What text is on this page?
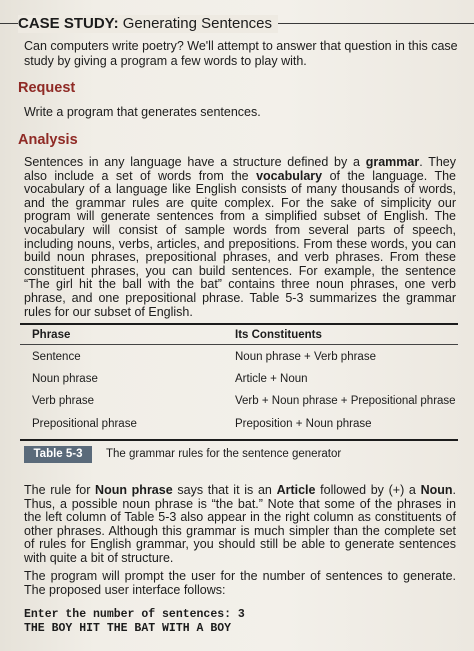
CASE STUDY: Generating Sentences
Can computers write poetry? We'll attempt to answer that question in this case study by giving a program a few words to play with.
Request
Write a program that generates sentences.
Analysis
Sentences in any language have a structure defined by a grammar. They also include a set of words from the vocabulary of the language. The vocabulary of a language like English consists of many thousands of words, and the grammar rules are quite complex. For the sake of simplicity our program will generate sentences from a simplified subset of English. The vocabulary will consist of sample words from several parts of speech, including nouns, verbs, articles, and prepositions. From these words, you can build noun phrases, prepositional phrases, and verb phrases. From these constituent phrases, you can build sentences. For example, the sentence “The girl hit the ball with the bat” contains three noun phrases, one verb phrase, and one prepositional phrase. Table 5-3 summarizes the grammar rules for our subset of English.
Phrase	Its Constituents
Sentence	Noun phrase + Verb phrase
Noun phrase	Article + Noun
Verb phrase	Verb + Noun phrase + Prepositional phrase
Prepositional phrase	Preposition + Noun phrase
Table 5-3	The grammar rules for the sentence generator
The rule for Noun phrase says that it is an Article followed by (+) a Noun. Thus, a possible noun phrase is “the bat.” Note that some of the phrases in the left column of Table 5-3 also appear in the right column as constituents of other phrases. Although this grammar is much simpler than the complete set of rules for English grammar, you should still be able to generate sentences with quite a bit of structure.
The program will prompt the user for the number of sentences to generate. The proposed user interface follows:
Enter the number of sentences: 3
THE BOY HIT THE BAT WITH A BOY
